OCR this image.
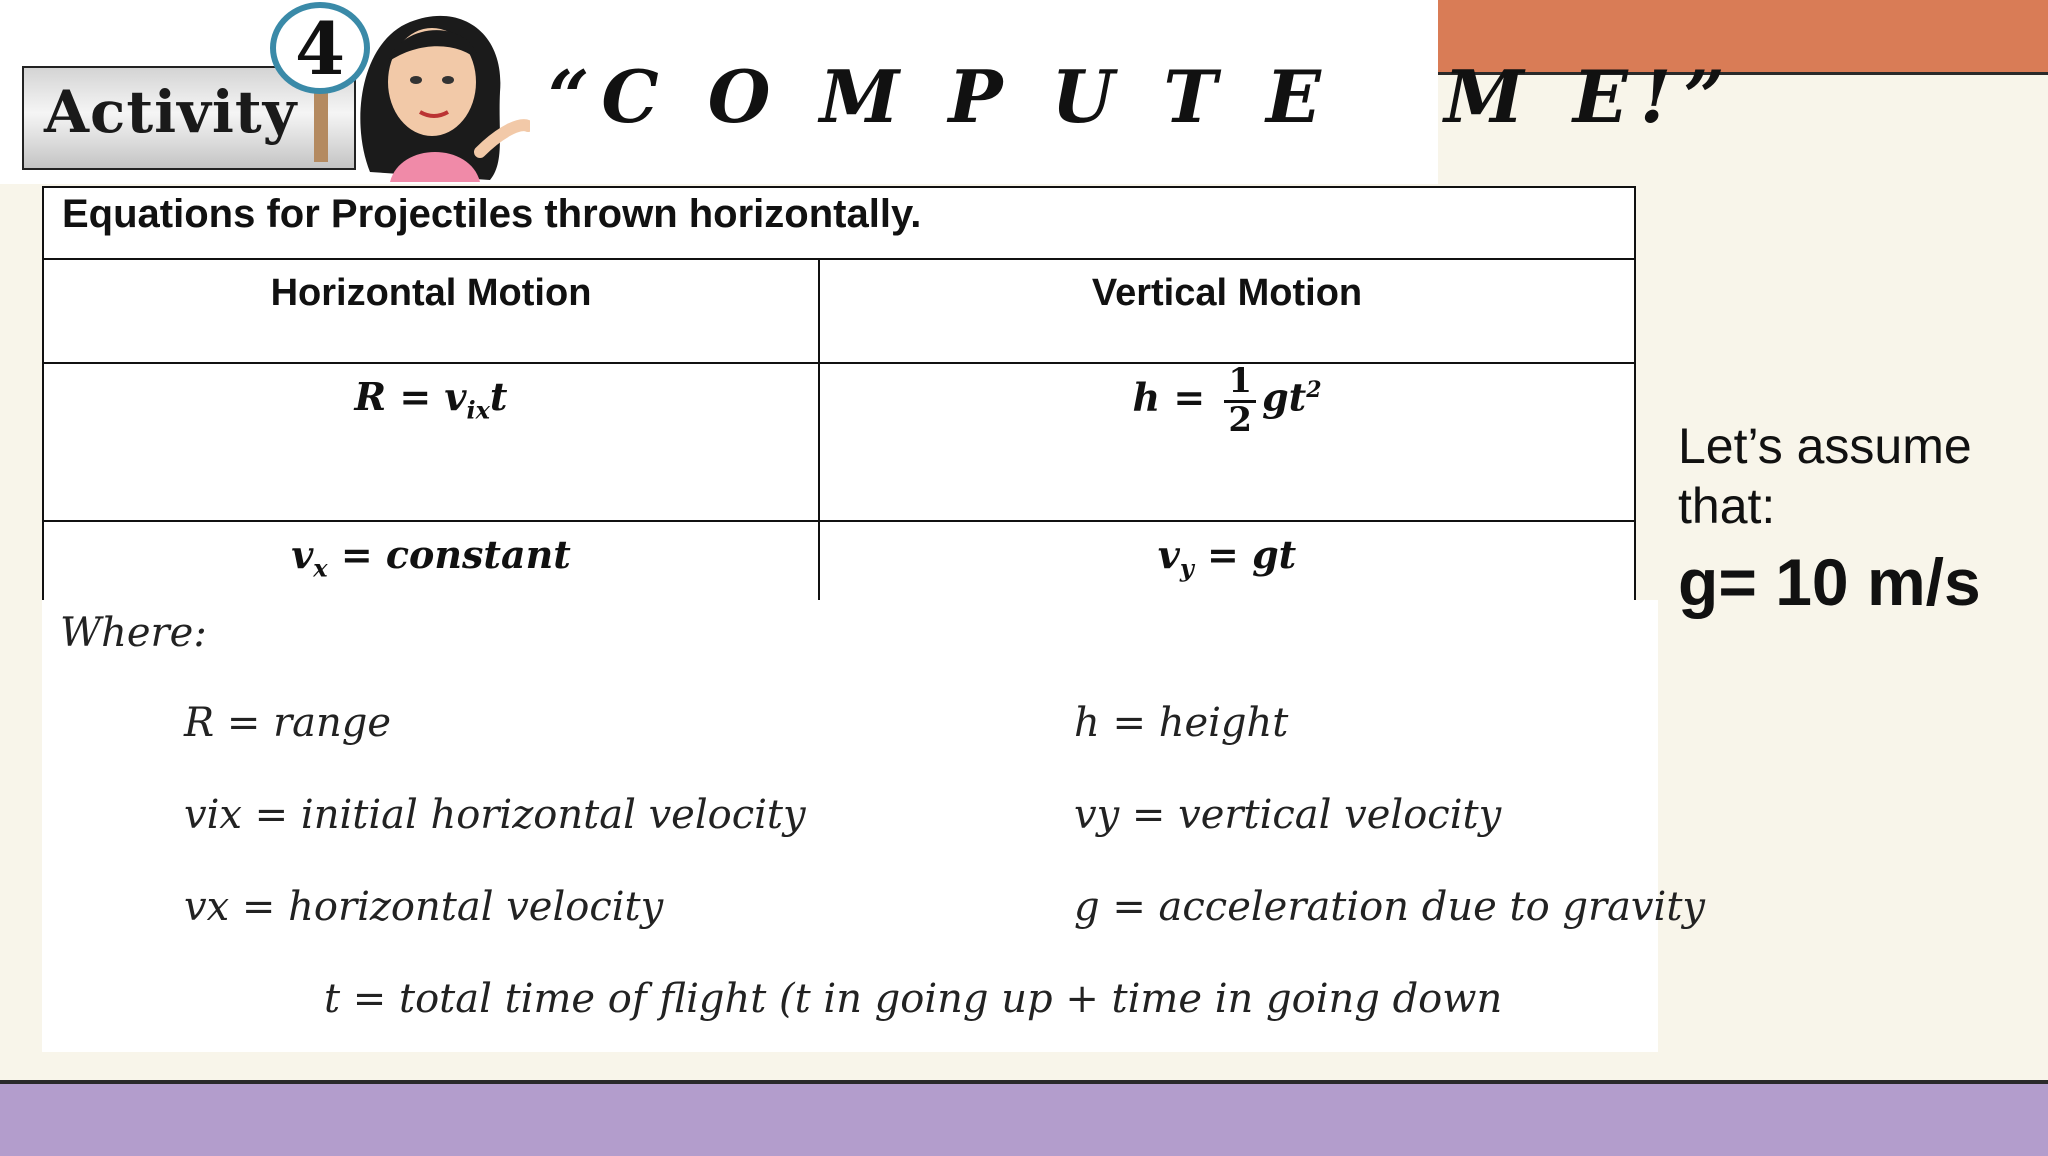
Activity
4
“C O M P U T E   M E!”
Equations for Projectiles thrown horizontally.	
Horizontal Motion	Vertical Motion
$R = v_{ix}t$	$h = \frac{1}{2} gt^2$
$v_x$ = constant	$v_y$ = gt
Where:
R = range	h = height
vix = initial horizontal velocity	vy = vertical velocity
vx = horizontal velocity	g = acceleration due to gravity
t = total time of flight (t in going up + time in going down
Let’s assume that:
g= 10 m/s
